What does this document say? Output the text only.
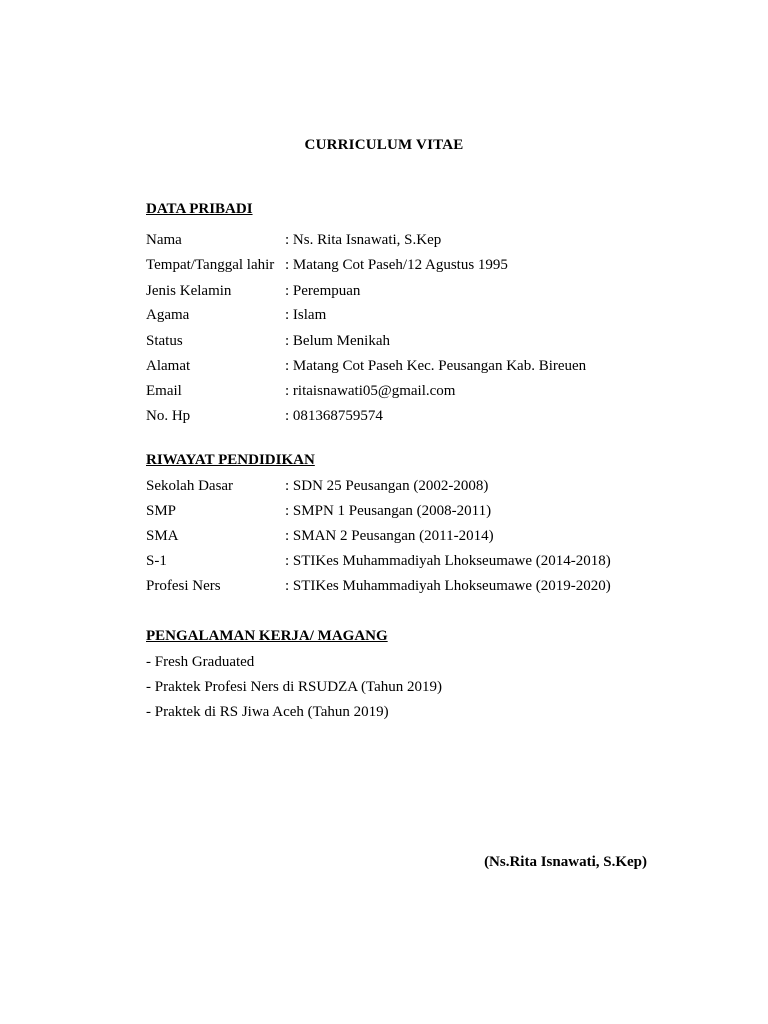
CURRICULUM VITAE
DATA PRIBADI
Nama	: Ns. Rita Isnawati, S.Kep
Tempat/Tanggal lahir : Matang Cot Paseh/12 Agustus 1995
Jenis Kelamin	: Perempuan
Agama	: Islam
Status	: Belum Menikah
Alamat	: Matang Cot Paseh Kec. Peusangan Kab. Bireuen
Email	: ritaisnawati05@gmail.com
No. Hp	: 081368759574
RIWAYAT PENDIDIKAN
Sekolah Dasar	: SDN 25 Peusangan (2002-2008)
SMP	: SMPN 1 Peusangan (2008-2011)
SMA	: SMAN 2 Peusangan (2011-2014)
S-1	: STIKes Muhammadiyah Lhokseumawe (2014-2018)
Profesi Ners	: STIKes Muhammadiyah Lhokseumawe (2019-2020)
PENGALAMAN KERJA/ MAGANG
- Fresh Graduated
- Praktek Profesi Ners di RSUDZA (Tahun 2019)
- Praktek di RS Jiwa Aceh (Tahun 2019)
(Ns.Rita Isnawati, S.Kep)
